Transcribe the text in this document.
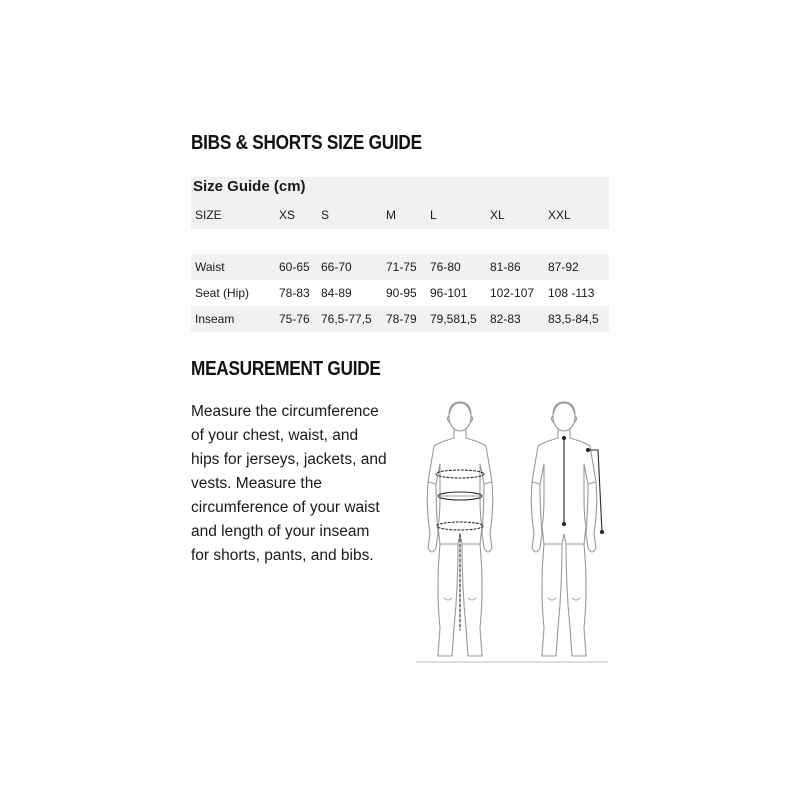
BIBS & SHORTS SIZE GUIDE
Size Guide (cm)
SIZE	XS S	M	L	XL	XXL
Waist	60-65 66-70	71-75 76-80 81-86 87-92
Seat (Hip) 78-83 84-89	90-95 96-101 102-107 108 -113
Inseam	75-76 76,5-77,5 78-79 79,581,5 82-83 83,5-84,5
MEASUREMENT GUIDE
Measure the circumference
of your chest, waist, and
hips for jerseys, jackets, and
vests. Measure the
circumference of your waist
and length of your inseam
for shorts, pants, and bibs.
